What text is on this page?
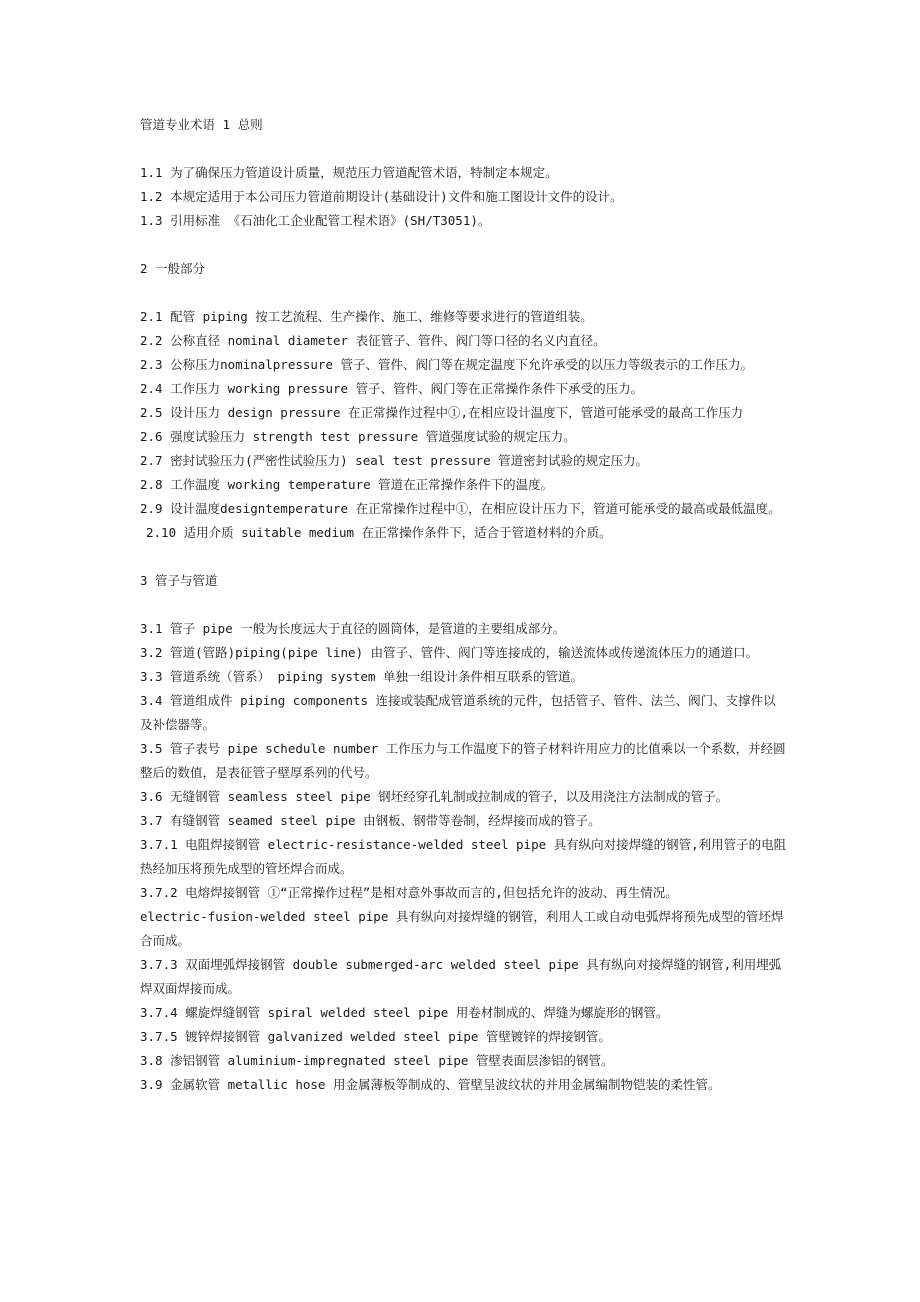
管道专业术语 1 总则
1.1 为了确保压力管道设计质量，规范压力管道配管术语，特制定本规定。
1.2 本规定适用于本公司压力管道前期设计(基础设计)文件和施工图设计文件的设计。
1.3 引用标准 《石油化工企业配管工程术语》(SH/T3051)。
2 一般部分
2.1 配管 piping 按工艺流程、生产操作、施工、维修等要求进行的管道组装。
2.2 公称直径 nominal diameter 表征管子、管件、阀门等口径的名义内直径。
2.3 公称压力nominalpressure 管子、管件、阀门等在规定温度下允许承受的以压力等级表示的工作压力。
2.4 工作压力 working pressure 管子、管件、阀门等在正常操作条件下承受的压力。
2.5 设计压力 design pressure 在正常操作过程中①,在相应设计温度下，管道可能承受的最高工作压力
2.6 强度试验压力 strength test pressure 管道强度试验的规定压力。
2.7 密封试验压力(严密性试验压力) seal test pressure 管道密封试验的规定压力。
2.8 工作温度 working temperature 管道在正常操作条件下的温度。
2.9 设计温度designtemperature 在正常操作过程中①，在相应设计压力下，管道可能承受的最高或最低温度。
2.10 适用介质 suitable medium 在正常操作条件下，适合于管道材料的介质。
3 管子与管道
3.1 管子 pipe 一般为长度远大于直径的圆筒体，是管道的主要组成部分。
3.2 管道(管路)piping(pipe line) 由管子、管件、阀门等连接成的，输送流体或传递流体压力的通道口。
3.3 管道系统（管系） piping system 单独一组设计条件相互联系的管道。
3.4 管道组成件 piping components 连接或装配成管道系统的元件，包括管子、管件、法兰、阀门、支撑件以及补偿器等。
3.5 管子表号 pipe schedule number 工作压力与工作温度下的管子材料许用应力的比值乘以一个系数，并经圆整后的数值，是表征管子壁厚系列的代号。
3.6 无缝钢管 seamless steel pipe 钢坯经穿孔轧制或拉制成的管子，以及用浇注方法制成的管子。
3.7 有缝钢管 seamed steel pipe 由钢板、钢带等卷制，经焊接而成的管子。
3.7.1 电阻焊接钢管 electric-resistance-welded steel pipe 具有纵向对接焊缝的钢管,利用管子的电阻热经加压将预先成型的管坯焊合而成。
3.7.2 电熔焊接钢管 ①“正常操作过程”是相对意外事故而言的,但包括允许的波动、再生情况。
electric-fusion-welded steel pipe 具有纵向对接焊缝的钢管，利用人工或自动电弧焊将预先成型的管坯焊合而成。
3.7.3 双面埋弧焊接钢管 double submerged-arc welded steel pipe 具有纵向对接焊缝的钢管,利用埋弧焊双面焊接而成。
3.7.4 螺旋焊缝钢管 spiral welded steel pipe 用卷材制成的、焊缝为螺旋形的钢管。
3.7.5 镀锌焊接钢管 galvanized welded steel pipe 管壁镀锌的焊接钢管。
3.8 渗铝钢管 aluminium-impregnated steel pipe 管壁表面层渗铝的钢管。
3.9 金属软管 metallic hose 用金属薄板等制成的、管壁呈波纹状的并用金属编制物铠装的柔性管。
